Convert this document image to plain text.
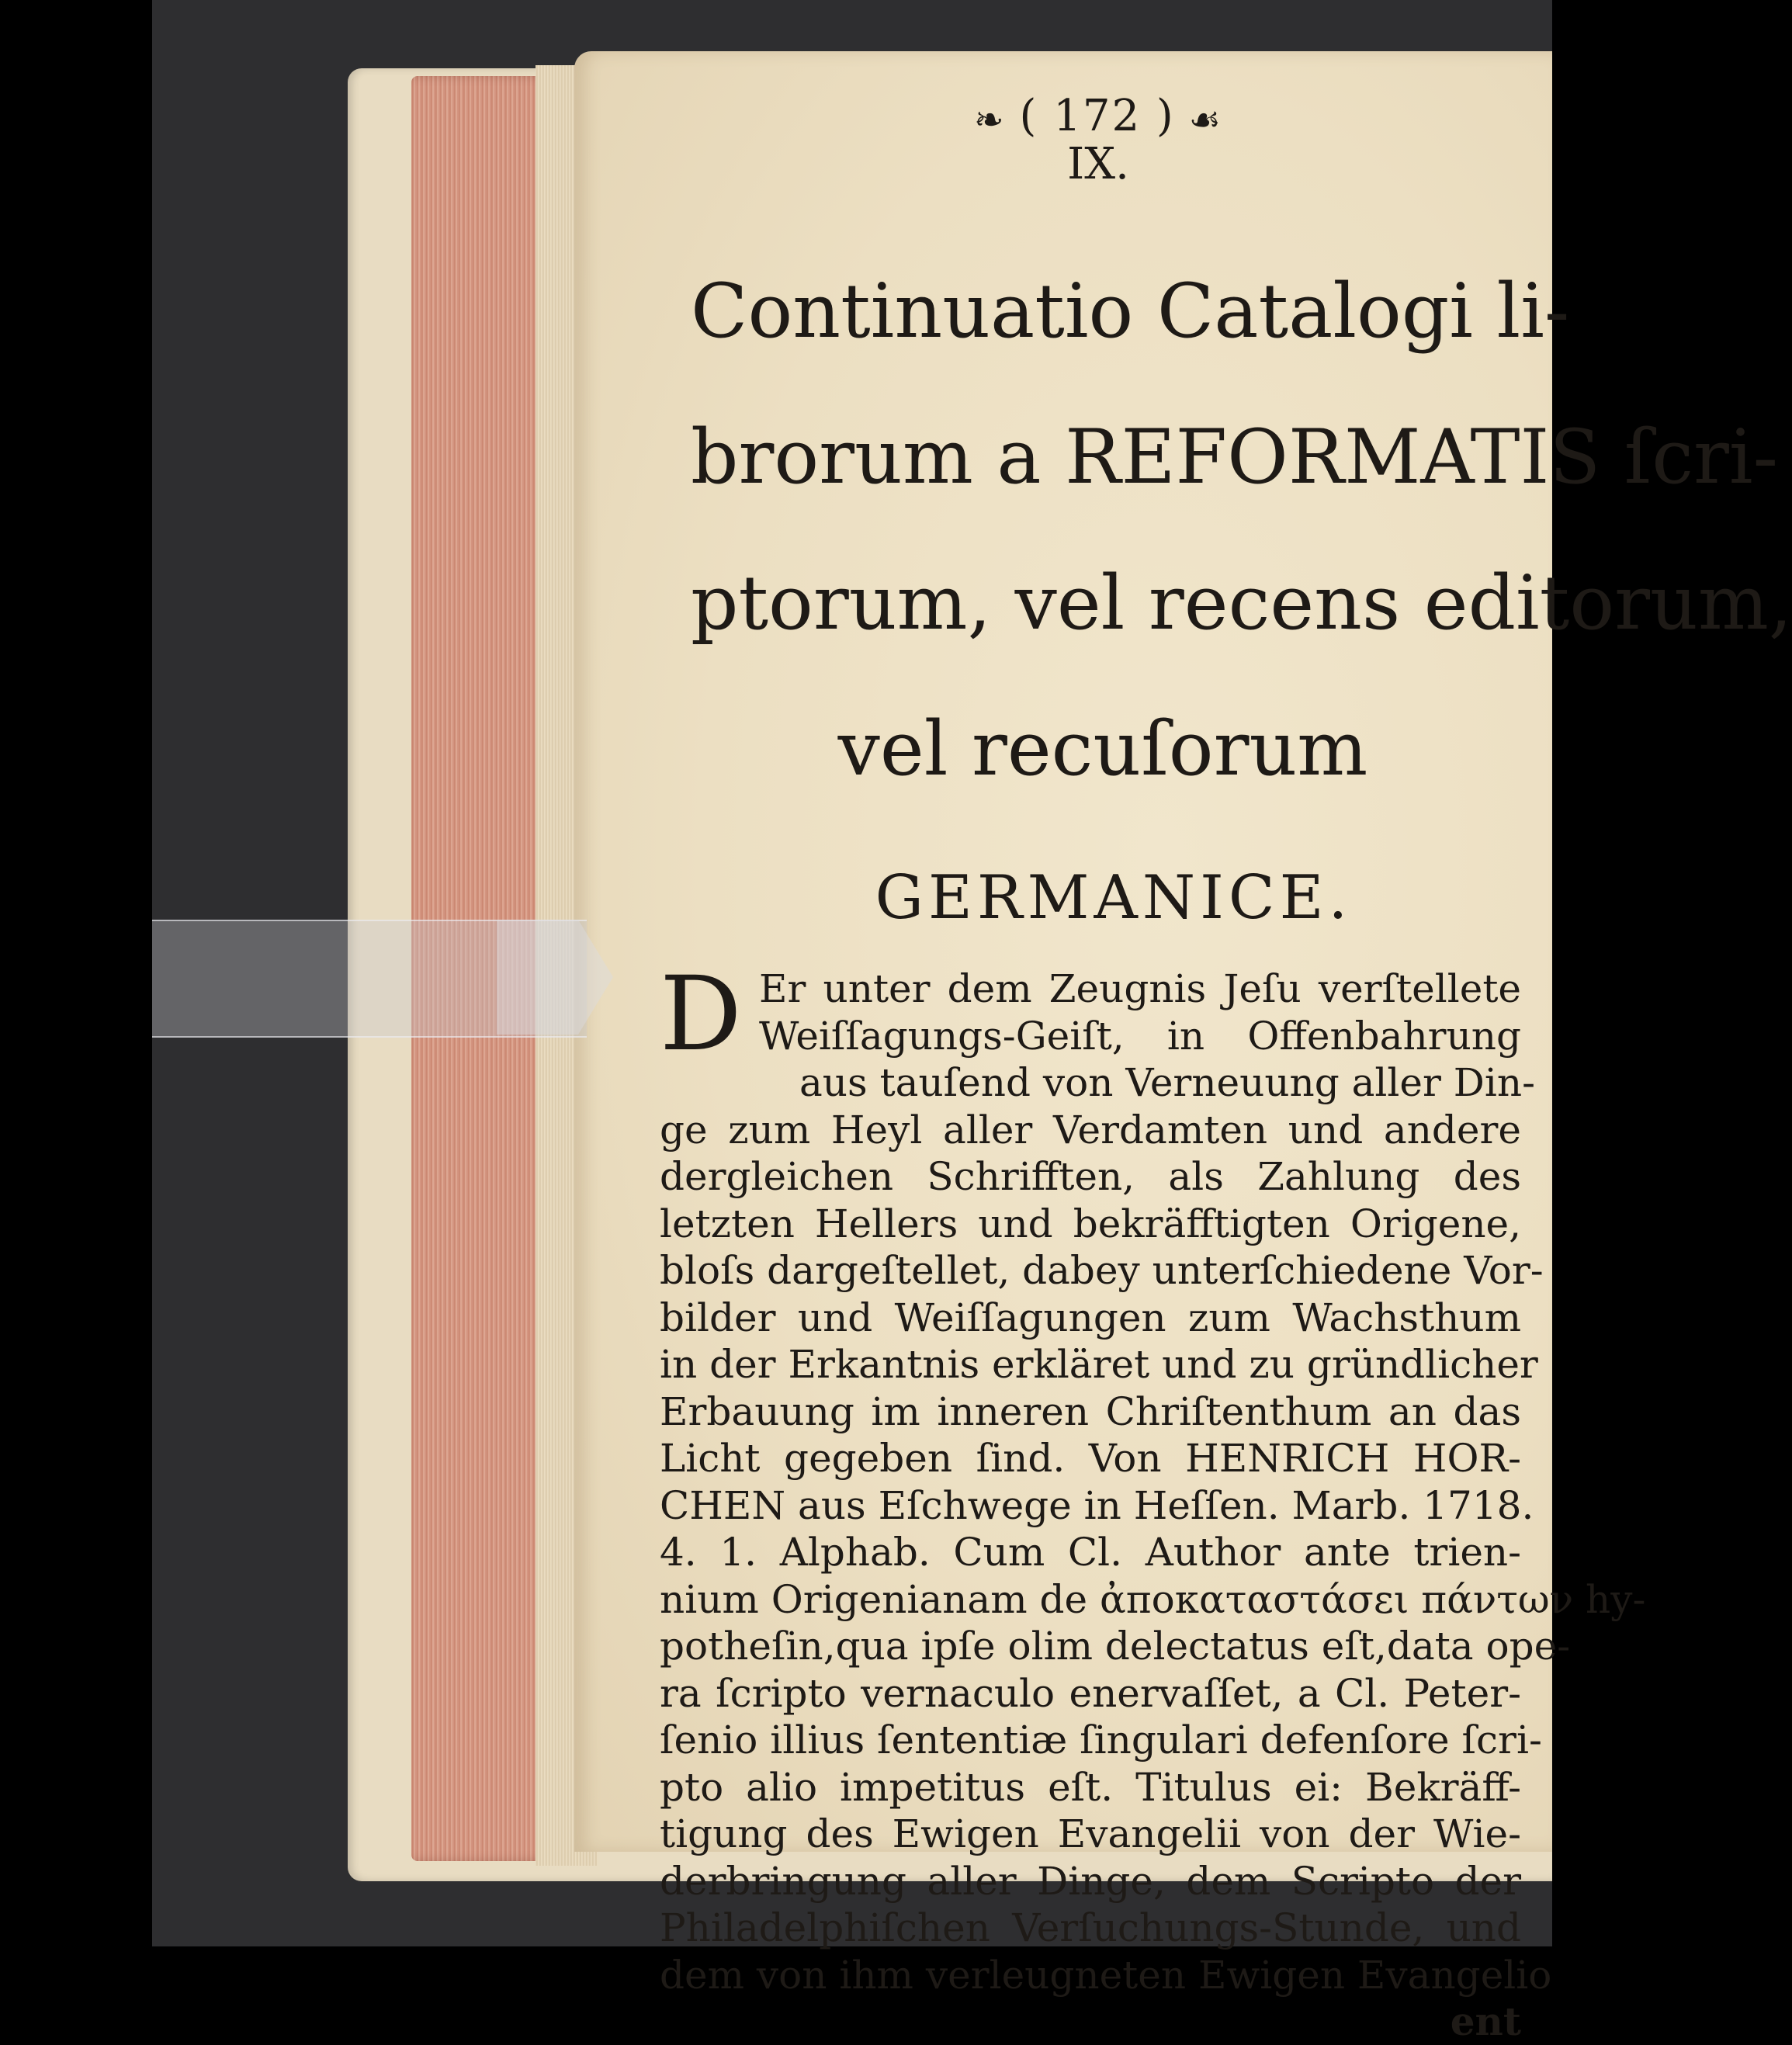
❧ ( 172 ) ☙
IX.

Continuatio Catalogi li-

brorum a REFORMATIS ſcri-

ptorum, vel recens editorum,

vel recuſorum

GERMANICE.
D Er unter dem Zeugnis Jeſu verſtellete
Weiſſagungs-Geiſt, in Offenbahrung
aus tauſend von Verneuung aller Din-
ge zum Heyl aller Verdamten und andere
dergleichen Schrifften, als Zahlung des
letzten Hellers und bekräfftigten Origene,
bloſs dargeſtellet, dabey unterſchiedene Vor-
bilder und Weiſſagungen zum Wachsthum
in der Erkantnis erkläret und zu gründlicher
Erbauung im inneren Chriſtenthum an das
Licht gegeben ſind. Von HENRICH HOR-
CHEN aus Eſchwege in Heſſen. Marb. 1718.
4. 1. Alphab. Cum Cl. Author ante trien-
nium Origenianam de ἀποκαταστάσει πάντων hy-
potheſin,qua ipſe olim delectatus eſt,data ope-
ra ſcripto vernaculo enervaſſet, a Cl. Peter-
ſenio illius ſententiæ ſingulari defenſore ſcri-
pto alio impetitus eſt. Titulus ei: Bekräff-
tigung des Ewigen Evangelii von der Wie-
derbringung aller Dinge, dem Scripto der
Philadelphiſchen Verſuchungs-Stunde, und
dem von ihm verleugneten Ewigen Evangelio
ent
